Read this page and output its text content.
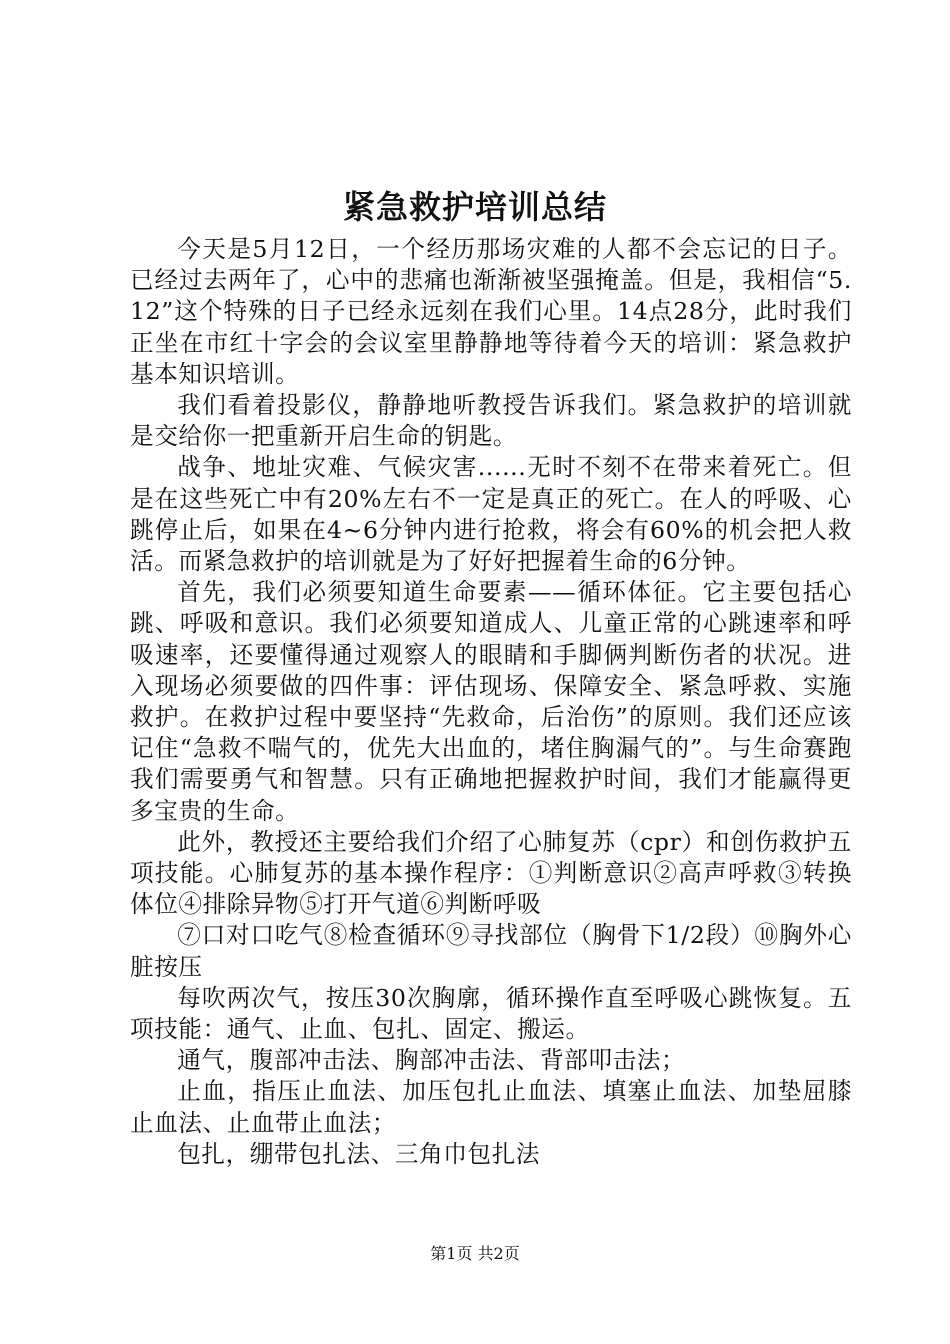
紧急救护培训总结

今天是5月12日，一个经历那场灾难的人都不会忘记的日子。已经过去两年了，心中的悲痛也渐渐被坚强掩盖。但是，我相信“5.12”这个特殊的日子已经永远刻在我们心里。14点28分，此时我们正坐在市红十字会的会议室里静静地等待着今天的培训：紧急救护基本知识培训。

我们看着投影仪，静静地听教授告诉我们。紧急救护的培训就是交给你一把重新开启生命的钥匙。

战争、地址灾难、气候灾害......无时不刻不在带来着死亡。但是在这些死亡中有20%左右不一定是真正的死亡。在人的呼吸、心跳停止后，如果在4~6分钟内进行抢救，将会有60%的机会把人救活。而紧急救护的培训就是为了好好把握着生命的6分钟。

首先，我们必须要知道生命要素——循环体征。它主要包括心跳、呼吸和意识。我们必须要知道成人、儿童正常的心跳速率和呼吸速率，还要懂得通过观察人的眼睛和手脚俩判断伤者的状况。进入现场必须要做的四件事：评估现场、保障安全、紧急呼救、实施救护。在救护过程中要坚持“先救命，后治伤”的原则。我们还应该记住“急救不喘气的，优先大出血的，堵住胸漏气的”。与生命赛跑我们需要勇气和智慧。只有正确地把握救护时间，我们才能赢得更多宝贵的生命。

此外，教授还主要给我们介绍了心肺复苏（cpr）和创伤救护五项技能。心肺复苏的基本操作程序：①判断意识②高声呼救③转换体位④排除异物⑤打开气道⑥判断呼吸

⑦口对口吃气⑧检查循环⑨寻找部位（胸骨下1/2段）⑩胸外心脏按压

每吹两次气，按压30次胸廓，循环操作直至呼吸心跳恢复。五项技能：通气、止血、包扎、固定、搬运。

通气，腹部冲击法、胸部冲击法、背部叩击法；

止血，指压止血法、加压包扎止血法、填塞止血法、加垫屈膝止血法、止血带止血法；

包扎，绷带包扎法、三角巾包扎法

第1页 共2页
